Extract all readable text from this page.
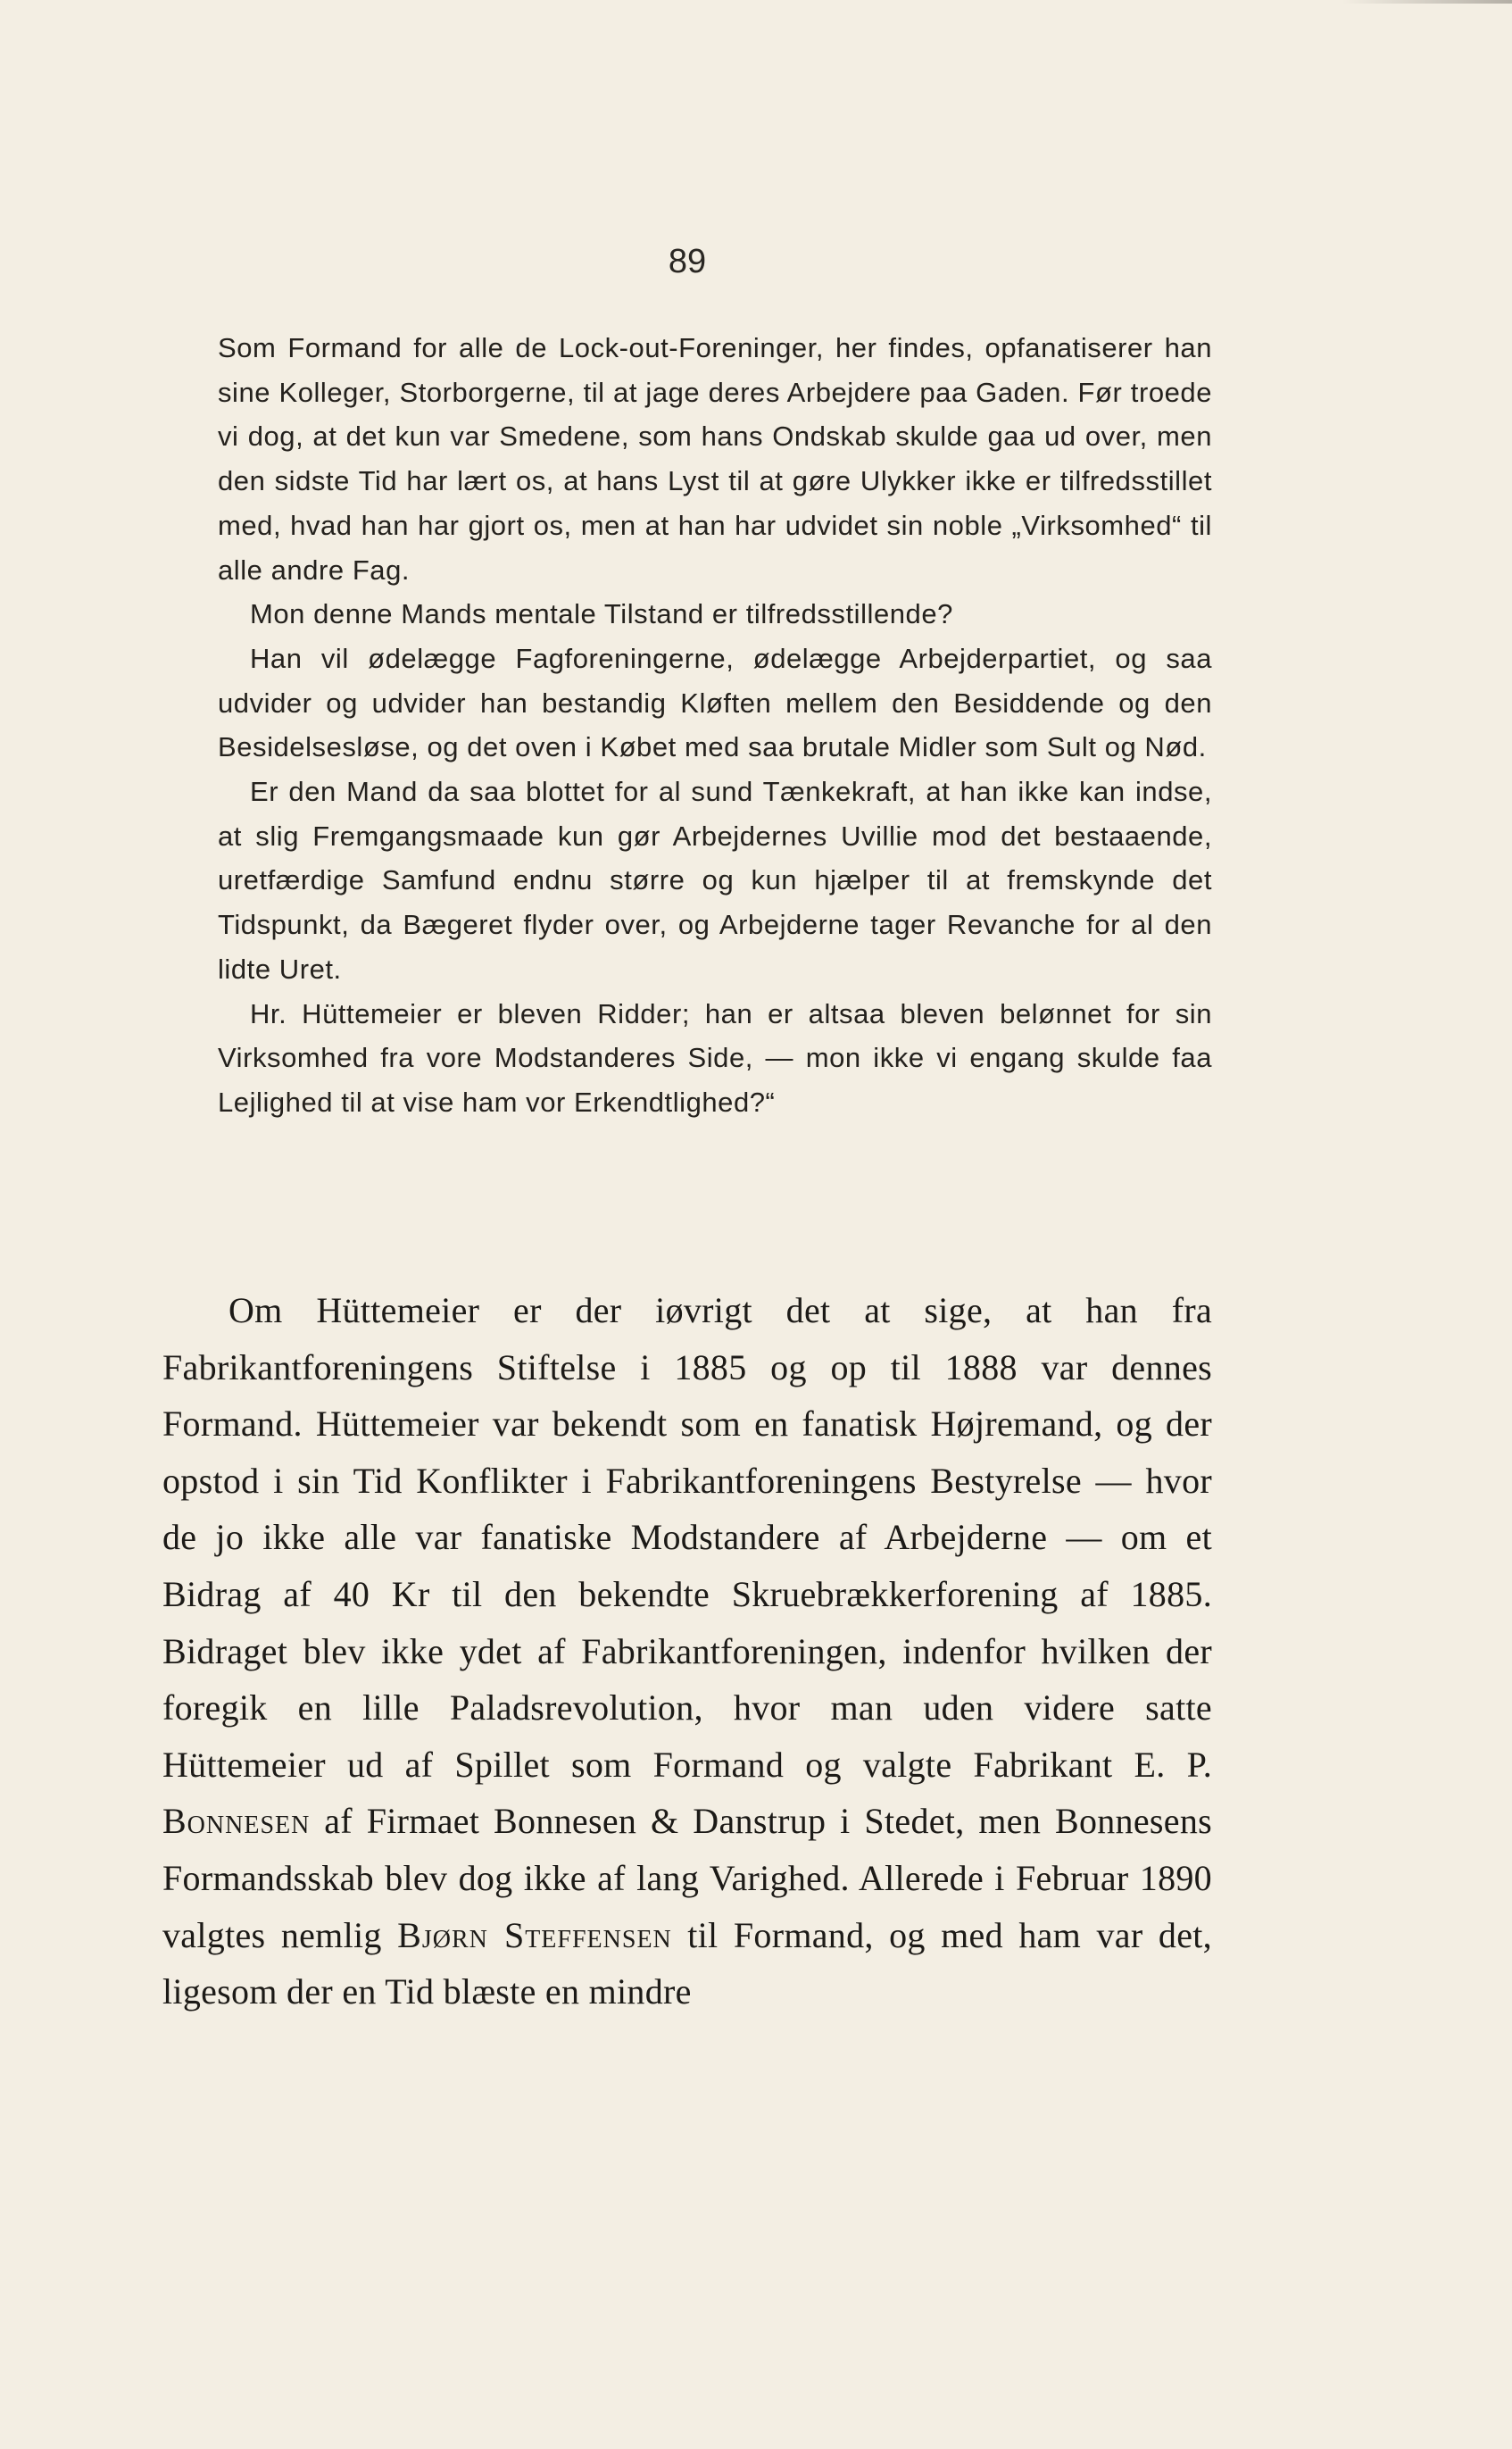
89

Som Formand for alle de Lock-out-Foreninger, her findes, opfanatiserer han sine Kolleger, Storborgerne, til at jage deres Arbejdere paa Gaden. Før troede vi dog, at det kun var Smedene, som hans Ondskab skulde gaa ud over, men den sidste Tid har lært os, at hans Lyst til at gøre Ulykker ikke er tilfredsstillet med, hvad han har gjort os, men at han har udvidet sin noble „Virksomhed“ til alle andre Fag.

Mon denne Mands mentale Tilstand er tilfredsstillende?

Han vil ødelægge Fagforeningerne, ødelægge Arbejderpartiet, og saa udvider og udvider han bestandig Kløften mellem den Besiddende og den Besidelsesløse, og det oven i Købet med saa brutale Midler som Sult og Nød.

Er den Mand da saa blottet for al sund Tænkekraft, at han ikke kan indse, at slig Fremgangsmaade kun gør Arbejdernes Uvillie mod det bestaaende, uretfærdige Samfund endnu større og kun hjælper til at fremskynde det Tidspunkt, da Bægeret flyder over, og Arbejderne tager Revanche for al den lidte Uret.

Hr. Hüttemeier er bleven Ridder; han er altsaa bleven belønnet for sin Virksomhed fra vore Modstanderes Side, — mon ikke vi engang skulde faa Lejlighed til at vise ham vor Erkendtlighed?“

Om Hüttemeier er der iøvrigt det at sige, at han fra Fabrikantforeningens Stiftelse i 1885 og op til 1888 var dennes Formand. Hüttemeier var bekendt som en fanatisk Højremand, og der opstod i sin Tid Konflikter i Fabrikantforeningens Bestyrelse — hvor de jo ikke alle var fanatiske Modstandere af Arbejderne — om et Bidrag af 40 Kr til den bekendte Skruebrækkerforening af 1885. Bidraget blev ikke ydet af Fabrikantforeningen, indenfor hvilken der foregik en lille Paladsrevolution, hvor man uden videre satte Hüttemeier ud af Spillet som Formand og valgte Fabrikant E. P. Bonnesen af Firmaet Bonnesen & Danstrup i Stedet, men Bonnesens Formandsskab blev dog ikke af lang Varighed. Allerede i Februar 1890 valgtes nemlig Bjørn Steffensen til Formand, og med ham var det, ligesom der en Tid blæste en mindre
